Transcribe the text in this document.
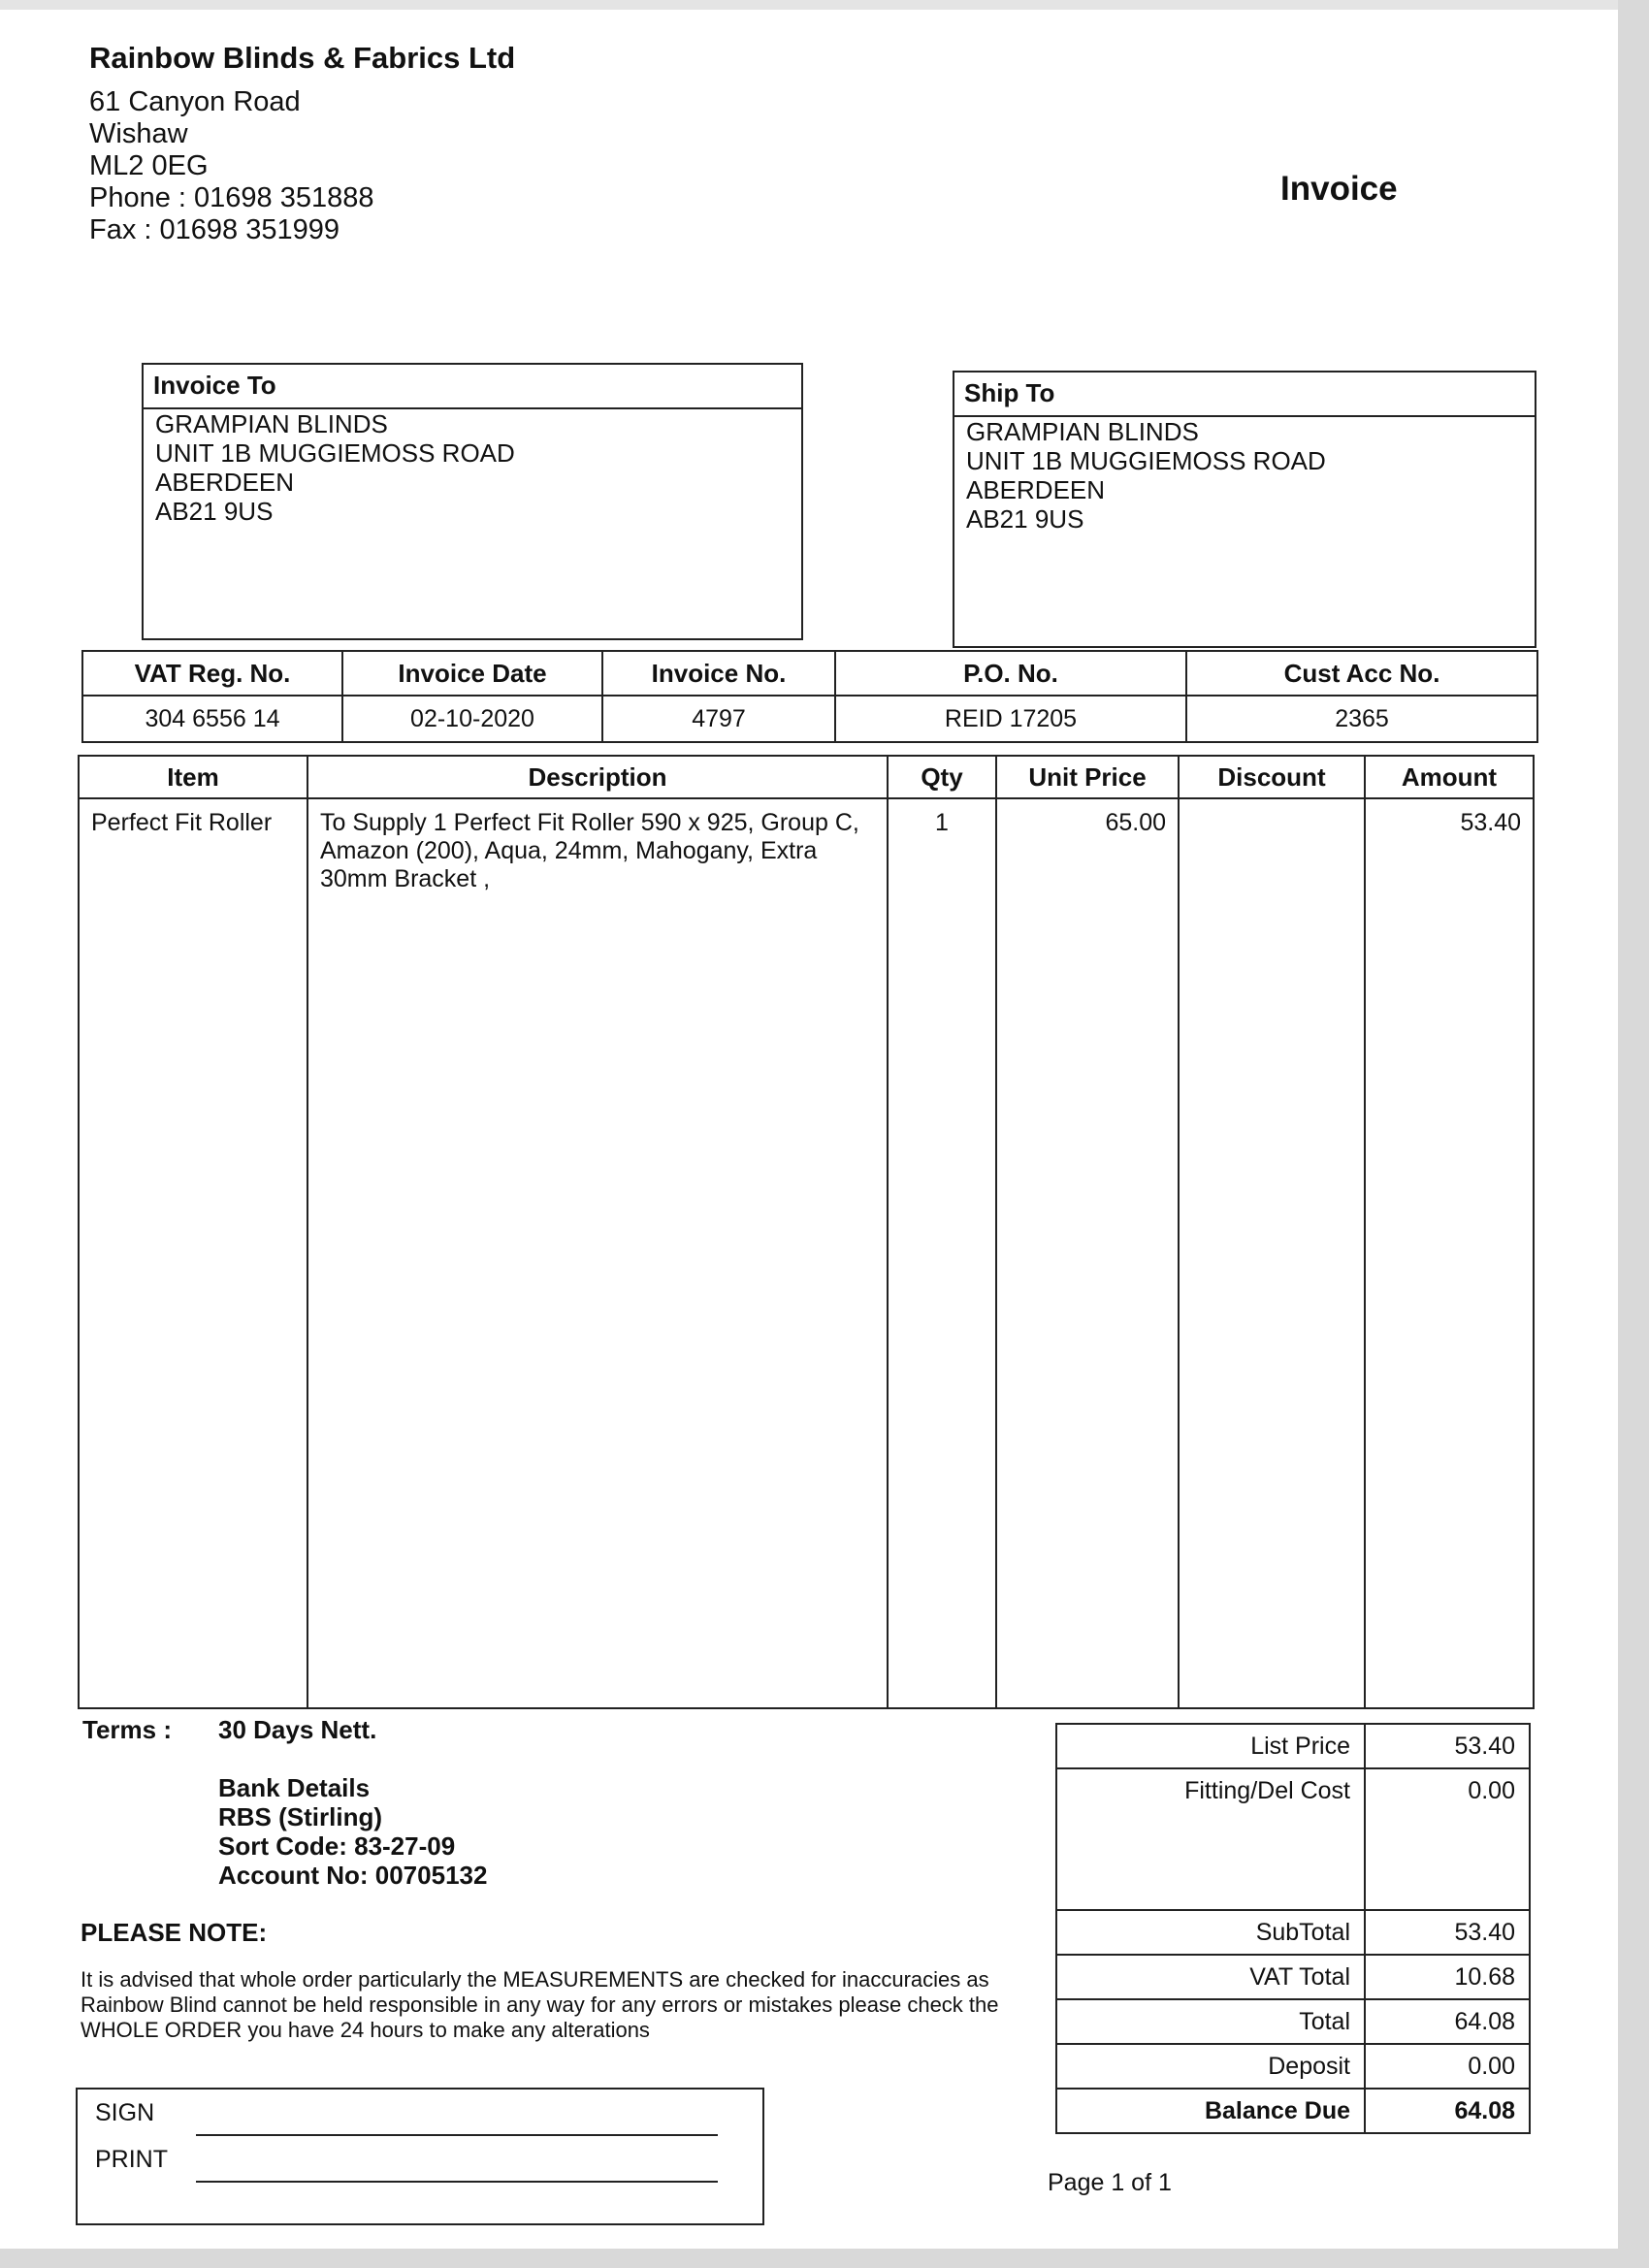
Rainbow Blinds & Fabrics Ltd
61 Canyon Road
Wishaw
ML2 0EG
Phone : 01698 351888
Fax : 01698 351999
Invoice
Invoice To
GRAMPIAN BLINDS
UNIT 1B MUGGIEMOSS ROAD
ABERDEEN
AB21 9US
Ship To
GRAMPIAN BLINDS
UNIT 1B MUGGIEMOSS ROAD
ABERDEEN
AB21 9US
VAT Reg. No.	Invoice Date	Invoice No.	P.O. No.	Cust Acc No.
304 6556 14	02-10-2020	4797	REID 17205	2365
Item	Description	Qty	Unit Price	Discount	Amount
Perfect Fit Roller	To Supply 1 Perfect Fit Roller 590 x 925, Group C, Amazon (200), Aqua, 24mm, Mahogany, Extra 30mm Bracket ,	1	65.00		53.40
Terms : 30 Days Nett.
Bank Details
RBS (Stirling)
Sort Code: 83-27-09
Account No: 00705132
PLEASE NOTE:
It is advised that whole order particularly the MEASUREMENTS are checked for inaccuracies as Rainbow Blind cannot be held responsible in any way for any errors or mistakes please check the WHOLE ORDER you have 24 hours to make any alterations
SIGN
PRINT
List Price	53.40
Fitting/Del Cost	0.00
SubTotal	53.40
VAT Total	10.68
Total	64.08
Deposit	0.00
Balance Due	64.08
Page 1 of 1
